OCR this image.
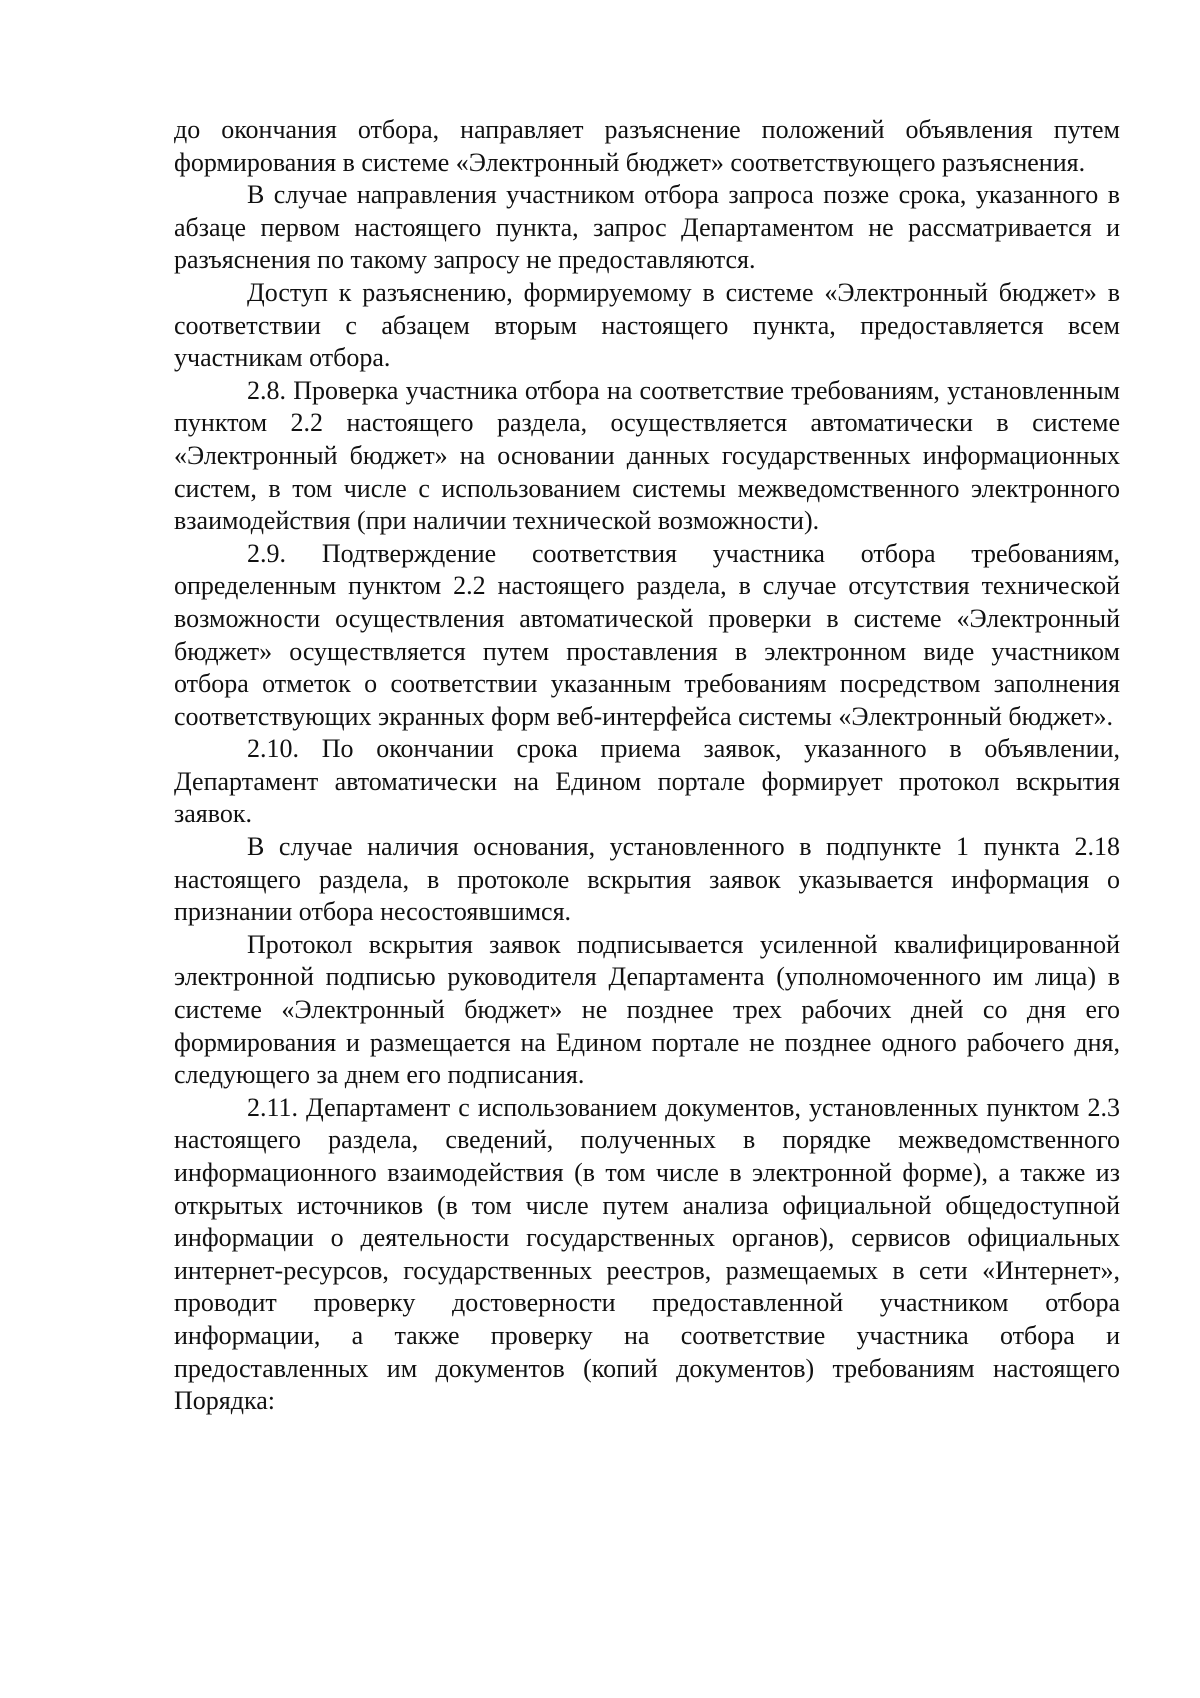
до окончания отбора, направляет разъяснение положений объявления путем формирования в системе «Электронный бюджет» соответствующего разъяснения.

В случае направления участником отбора запроса позже срока, указанного в абзаце первом настоящего пункта, запрос Департаментом не рассматривается и разъяснения по такому запросу не предоставляются.

Доступ к разъяснению, формируемому в системе «Электронный бюджет» в соответствии с абзацем вторым настоящего пункта, предоставляется всем участникам отбора.

2.8. Проверка участника отбора на соответствие требованиям, установленным пунктом 2.2 настоящего раздела, осуществляется автоматически в системе «Электронный бюджет» на основании данных государственных информационных систем, в том числе с использованием системы межведомственного электронного взаимодействия (при наличии технической возможности).

2.9. Подтверждение соответствия участника отбора требованиям, определенным пунктом 2.2 настоящего раздела, в случае отсутствия технической возможности осуществления автоматической проверки в системе «Электронный бюджет» осуществляется путем проставления в электронном виде участником отбора отметок о соответствии указанным требованиям посредством заполнения соответствующих экранных форм веб-интерфейса системы «Электронный бюджет».

2.10. По окончании срока приема заявок, указанного в объявлении, Департамент автоматически на Едином портале формирует протокол вскрытия заявок.

В случае наличия основания, установленного в подпункте 1 пункта 2.18 настоящего раздела, в протоколе вскрытия заявок указывается информация о признании отбора несостоявшимся.

Протокол вскрытия заявок подписывается усиленной квалифицированной электронной подписью руководителя Департамента (уполномоченного им лица) в системе «Электронный бюджет» не позднее трех рабочих дней со дня его формирования и размещается на Едином портале не позднее одного рабочего дня, следующего за днем его подписания.

2.11. Департамент с использованием документов, установленных пунктом 2.3 настоящего раздела, сведений, полученных в порядке межведомственного информационного взаимодействия (в том числе в электронной форме), а также из открытых источников (в том числе путем анализа официальной общедоступной информации о деятельности государственных органов), сервисов официальных интернет-ресурсов, государственных реестров, размещаемых в сети «Интернет», проводит проверку достоверности предоставленной участником отбора информации, а также проверку на соответствие участника отбора и предоставленных им документов (копий документов) требованиям настоящего Порядка:
